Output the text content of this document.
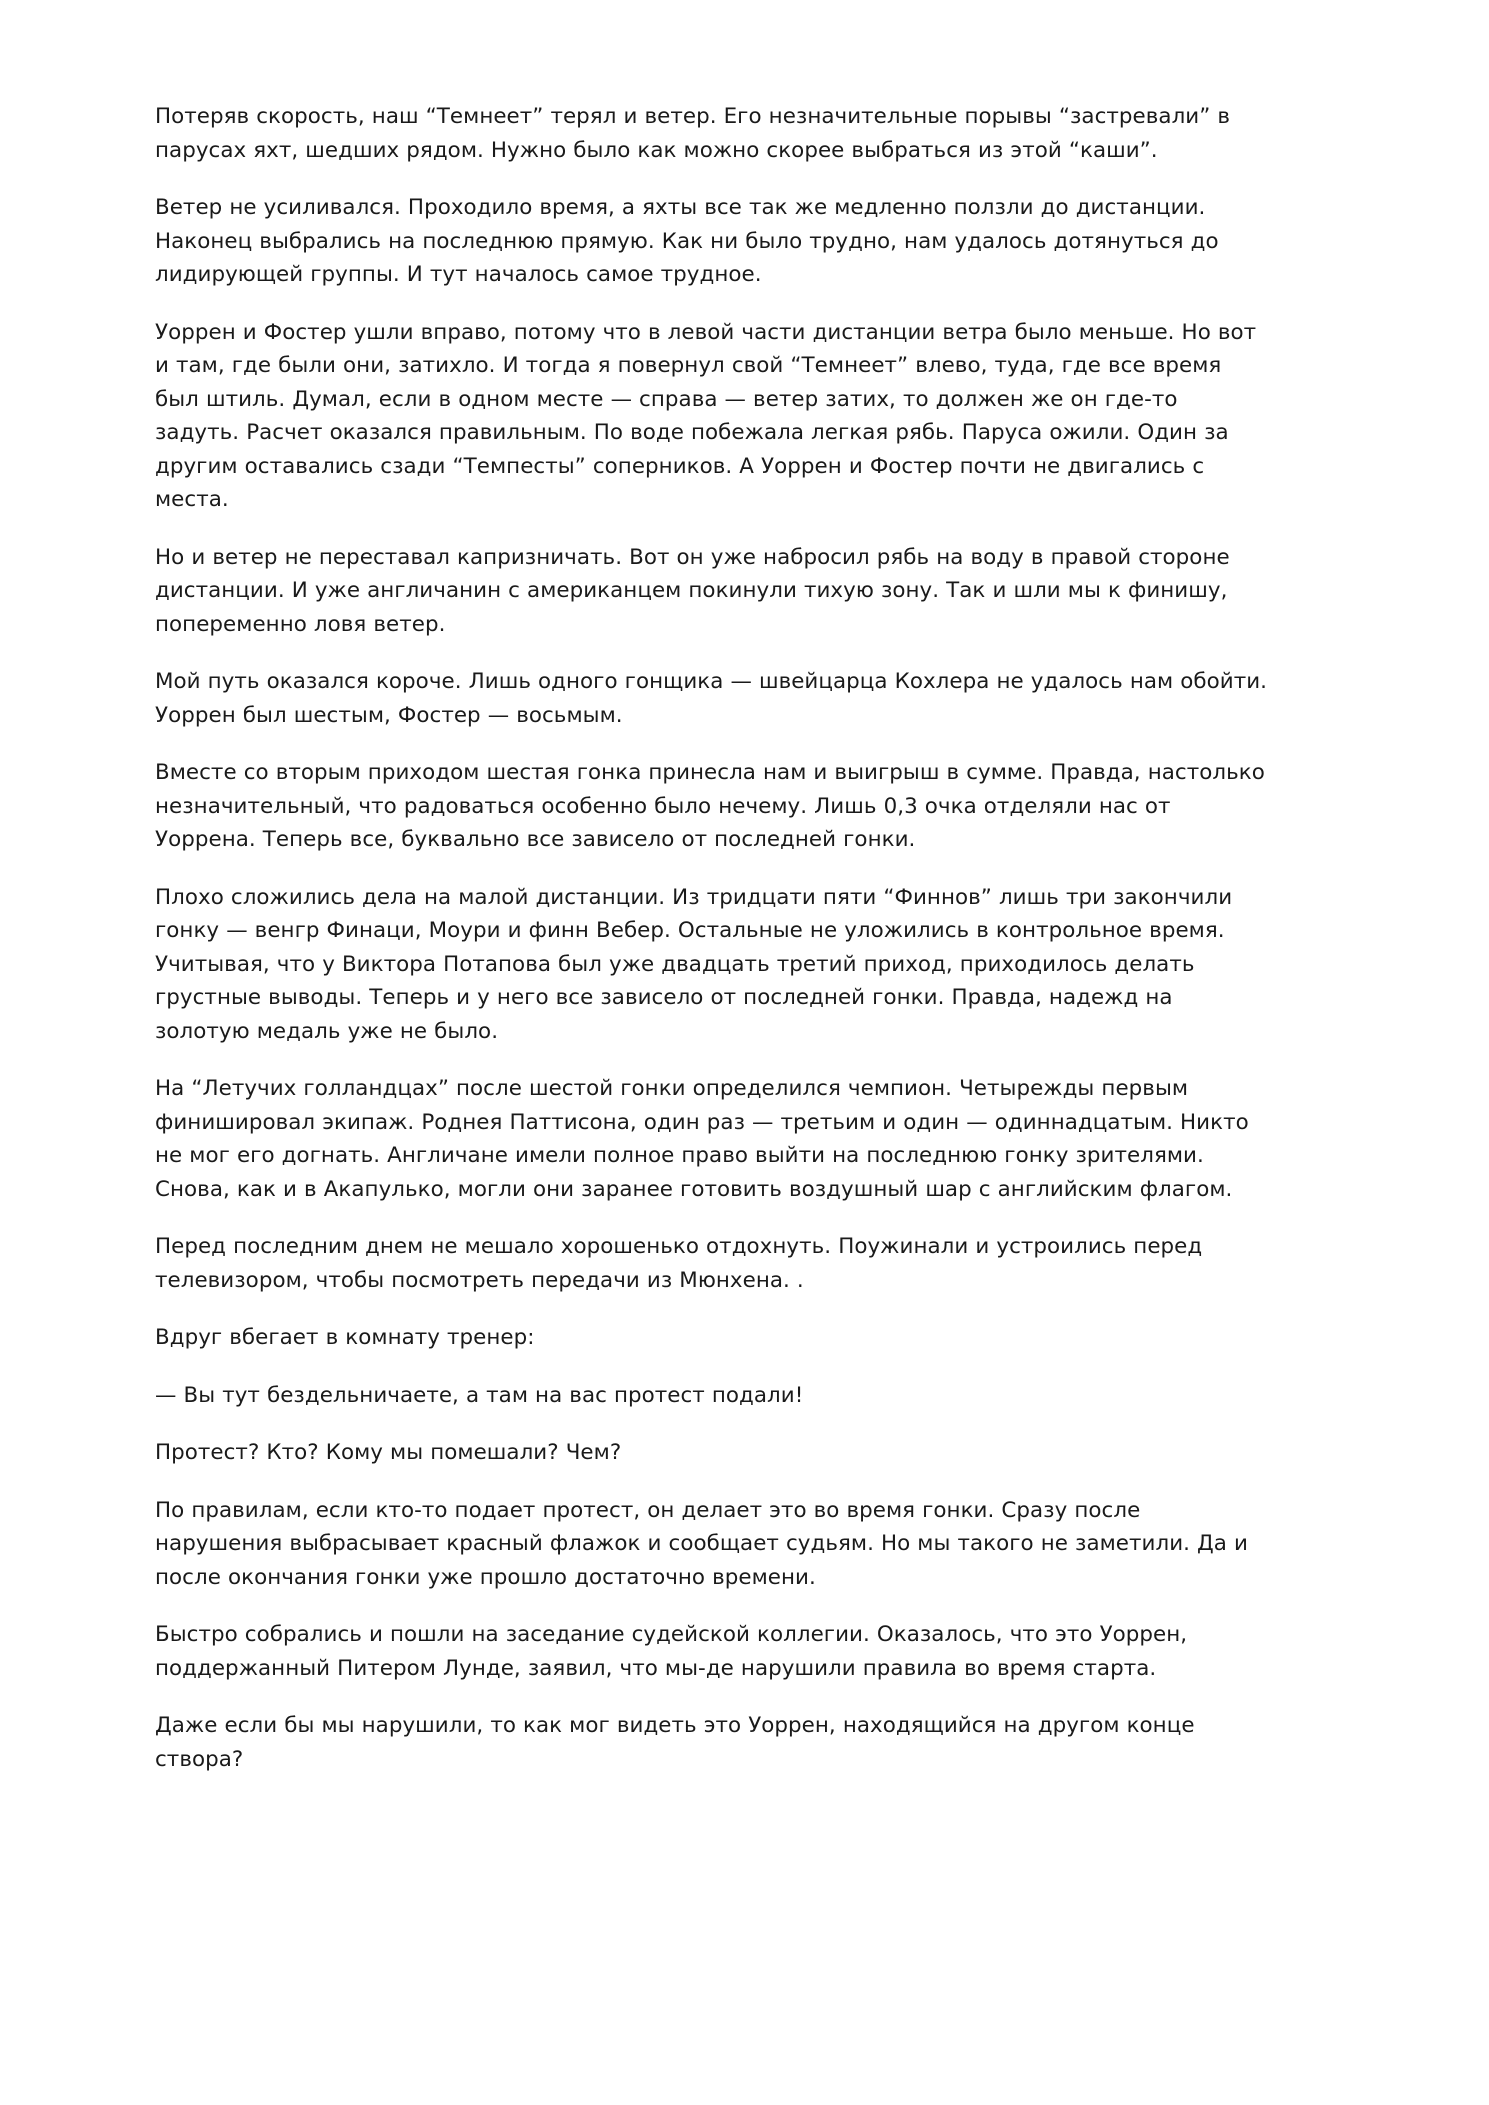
Потеряв скорость, наш “Темнеет” терял и ветер. Его незначительные порывы “застревали” в парусах яхт, шедших рядом. Нужно было как можно скорее выбраться из этой “каши”.

Ветер не усиливался. Проходило время, а яхты все так же медленно ползли до дистанции. Наконец выбрались на последнюю прямую. Как ни было трудно, нам удалось дотянуться до лидирующей группы. И тут началось самое трудное.

Уоррен и Фостер ушли вправо, потому что в левой части дистанции ветра было меньше. Но вот и там, где были они, затихло. И тогда я повернул свой “Темнеет” влево, туда, где все время был штиль. Думал, если в одном месте — справа — ветер затих, то должен же он где-то задуть. Расчет оказался правильным. По воде побежала легкая рябь. Паруса ожили. Один за другим оставались сзади “Темпесты” соперников. А Уоррен и Фостер почти не двигались с места.

Но и ветер не переставал капризничать. Вот он уже набросил рябь на воду в правой стороне дистанции. И уже англичанин с американцем покинули тихую зону. Так и шли мы к финишу, попеременно ловя ветер.

Мой путь оказался короче. Лишь одного гонщика — швейцарца Кохлера не удалось нам обойти. Уоррен был шестым, Фостер — восьмым.

Вместе со вторым приходом шестая гонка принесла нам и выигрыш в сумме. Правда, настолько незначительный, что радоваться особенно было нечему. Лишь 0,3 очка отделяли нас от Уоррена. Теперь все, буквально все зависело от последней гонки.

Плохо сложились дела на малой дистанции. Из тридцати пяти “Финнов” лишь три закончили гонку — венгр Финаци, Моури и финн Вебер. Остальные не уложились в контрольное время. Учитывая, что у Виктора Потапова был уже двадцать третий приход, приходилось делать грустные выводы. Теперь и у него все зависело от последней гонки. Правда, надежд на золотую медаль уже не было.

На “Летучих голландцах” после шестой гонки определился чемпион. Четырежды первым финишировал экипаж. Роднея Паттисона, один раз — третьим и один — одиннадцатым. Никто не мог его догнать. Англичане имели полное право выйти на последнюю гонку зрителями. Снова, как и в Акапулько, могли они заранее готовить воздушный шар с английским флагом.

Перед последним днем не мешало хорошенько отдохнуть. Поужинали и устроились перед телевизором, чтобы посмотреть передачи из Мюнхена. .

Вдруг вбегает в комнату тренер:

— Вы тут бездельничаете, а там на вас протест подали!

Протест? Кто? Кому мы помешали? Чем?

По правилам, если кто-то подает протест, он делает это во время гонки. Сразу после нарушения выбрасывает красный флажок и сообщает судьям. Но мы такого не заметили. Да и после окончания гонки уже прошло достаточно времени.

Быстро собрались и пошли на заседание судейской коллегии. Оказалось, что это Уоррен, поддержанный Питером Лунде, заявил, что мы-де нарушили правила во время старта.

Даже если бы мы нарушили, то как мог видеть это Уоррен, находящийся на другом конце створа?
